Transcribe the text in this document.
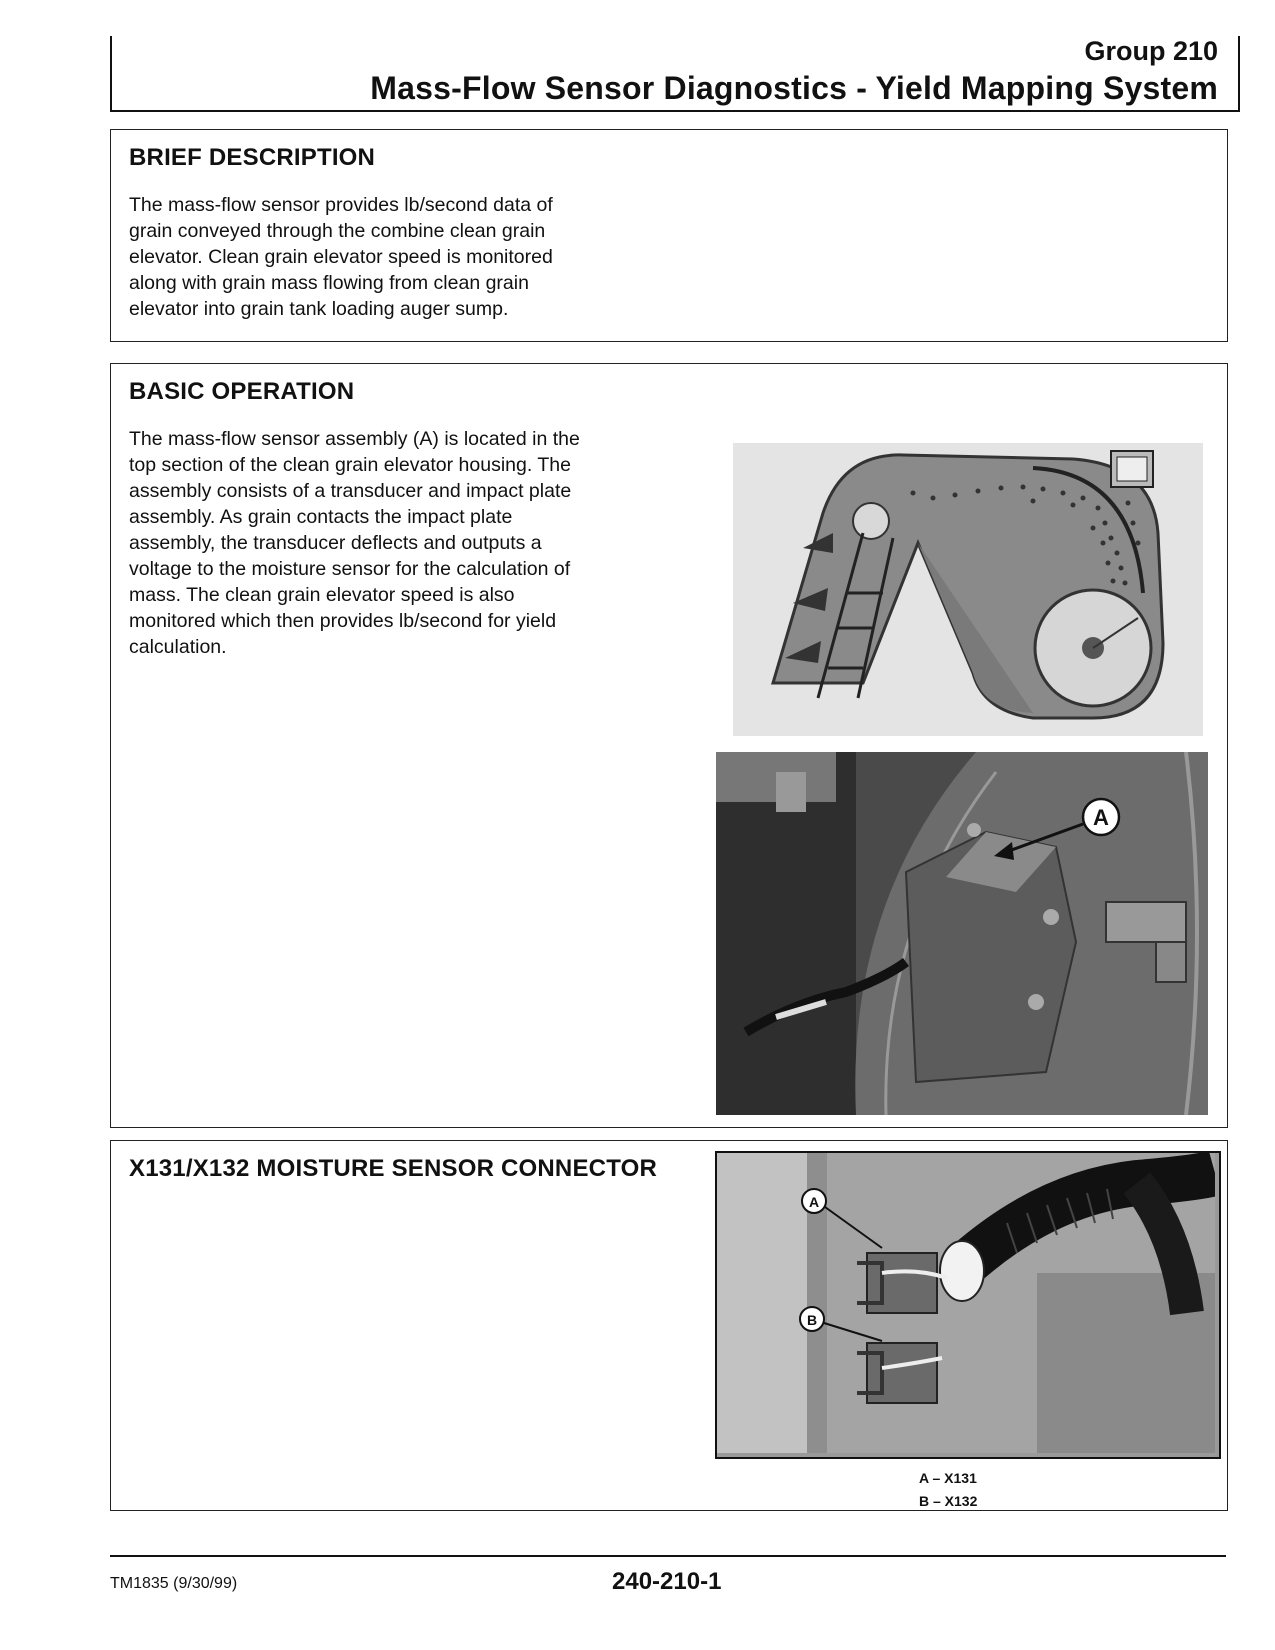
Group 210
Mass-Flow Sensor Diagnostics - Yield Mapping System
BRIEF DESCRIPTION
The mass-flow sensor provides lb/second data of
grain conveyed through the combine clean grain
elevator. Clean grain elevator speed is monitored
along with grain mass flowing from clean grain
elevator into grain tank loading auger sump.
BASIC OPERATION
The mass-flow sensor assembly (A) is located in the
top section of the clean grain elevator housing. The
assembly consists of a transducer and impact plate
assembly. As grain contacts the impact plate
assembly, the transducer deflects and outputs a
voltage to the moisture sensor for the calculation of
mass. The clean grain elevator speed is also
monitored which then provides lb/second for yield
calculation.
A
X131/X132 MOISTURE SENSOR CONNECTOR
A
B
A – X131
B – X132
TM1835 (9/30/99)	240-210-1
